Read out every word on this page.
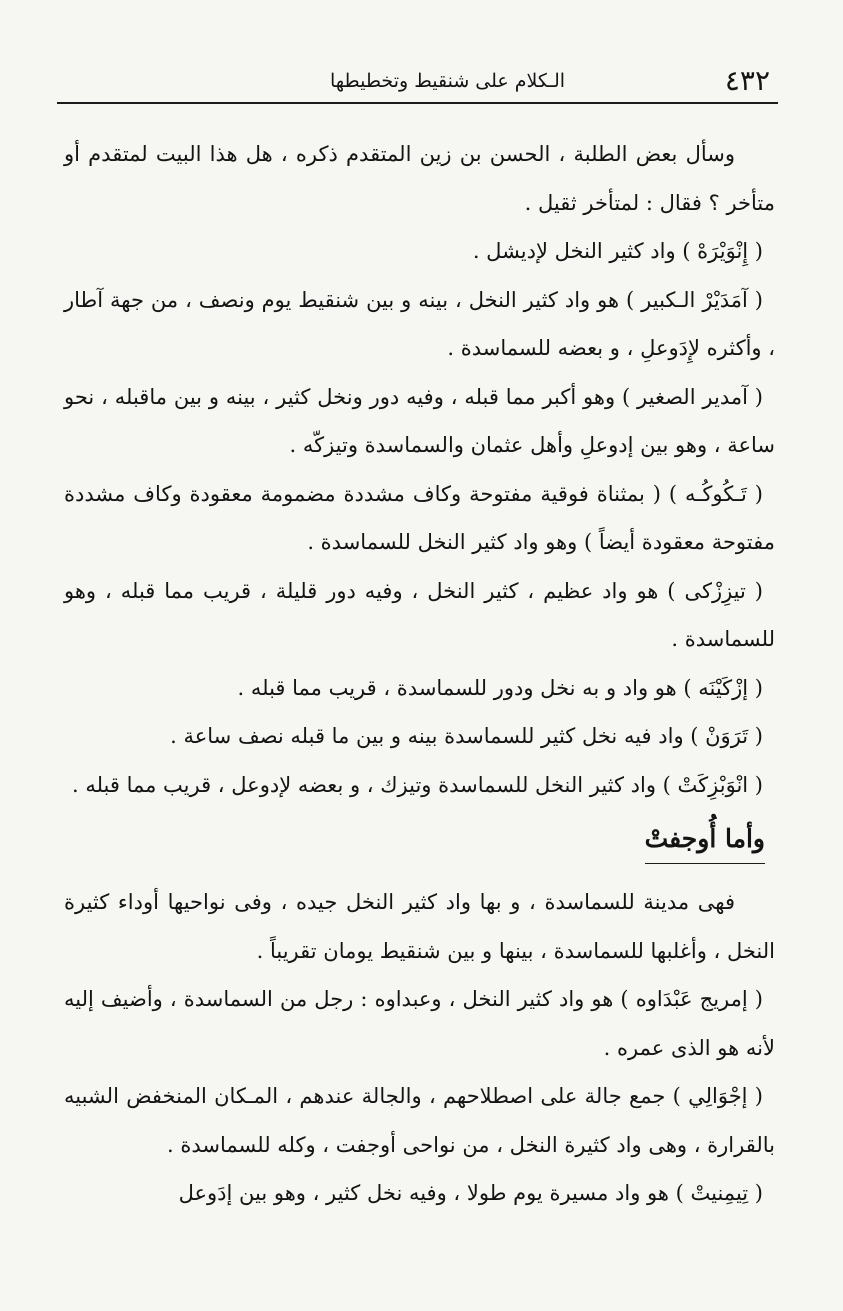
٤٣٢
الـكلام على شنقيط وتخطيطها

وسأل بعض الطلبة ، الحسن بن زين المتقدم ذكره ، هل هذا البيت لمتقدم أو متأخر ؟ فقال : لمتأخر ثقيل .

( إِنْوَيْرَهْ ) واد كثير النخل لإديشل .

( آمَدَيْرْ الـكبير ) هو واد كثير النخل ، بينه و بين شنقيط يوم ونصف ، من جهة آطار ، وأكثره لإِدَوعلِ ، و بعضه للسماسدة .

( آمدير الصغير ) وهو أكبر مما قبله ، وفيه دور ونخل كثير ، بينه و بين ماقبله ، نحو ساعة ، وهو بين إدوعلِ وأهل عثمان والسماسدة وتيزكّه .

( تَـكُوكُـه ) ( بمثناة فوقية مفتوحة وكاف مشددة مضمومة معقودة وكاف مشددة مفتوحة معقودة أيضاً ) وهو واد كثير النخل للسماسدة .

( تيزِزْكى ) هو واد عظيم ، كثير النخل ، وفيه دور قليلة ، قريب مما قبله ، وهو للسماسدة .

( إزْكَيْنَه ) هو واد و به نخل ودور للسماسدة ، قريب مما قبله .

( تَرَوَنْ ) واد فيه نخل كثير للسماسدة بينه و بين ما قبله نصف ساعة .

( انْوَبْزِكَتْ ) واد كثير النخل للسماسدة وتيزك ، و بعضه لإدوعل ، قريب مما قبله .

وأما أُوجفتْ

فهى مدينة للسماسدة ، و بها واد كثير النخل جيده ، وفى نواحيها أوداء كثيرة النخل ، وأغلبها للسماسدة ، بينها و بين شنقيط يومان تقريباً .

( إمريج عَبْدَاوه ) هو واد كثير النخل ، وعبداوه : رجل من السماسدة ، وأضيف إليه لأنه هو الذى عمره .

( إجْوَالِي ) جمع جالة على اصطلاحهم ، والجالة عندهم ، المـكان المنخفض الشبيه بالقرارة ، وهى واد كثيرة النخل ، من نواحى أوجفت ، وكله للسماسدة .

( تِيمِنيتْ ) هو واد مسيرة يوم طولا ، وفيه نخل كثير ، وهو بين إدَوعل
